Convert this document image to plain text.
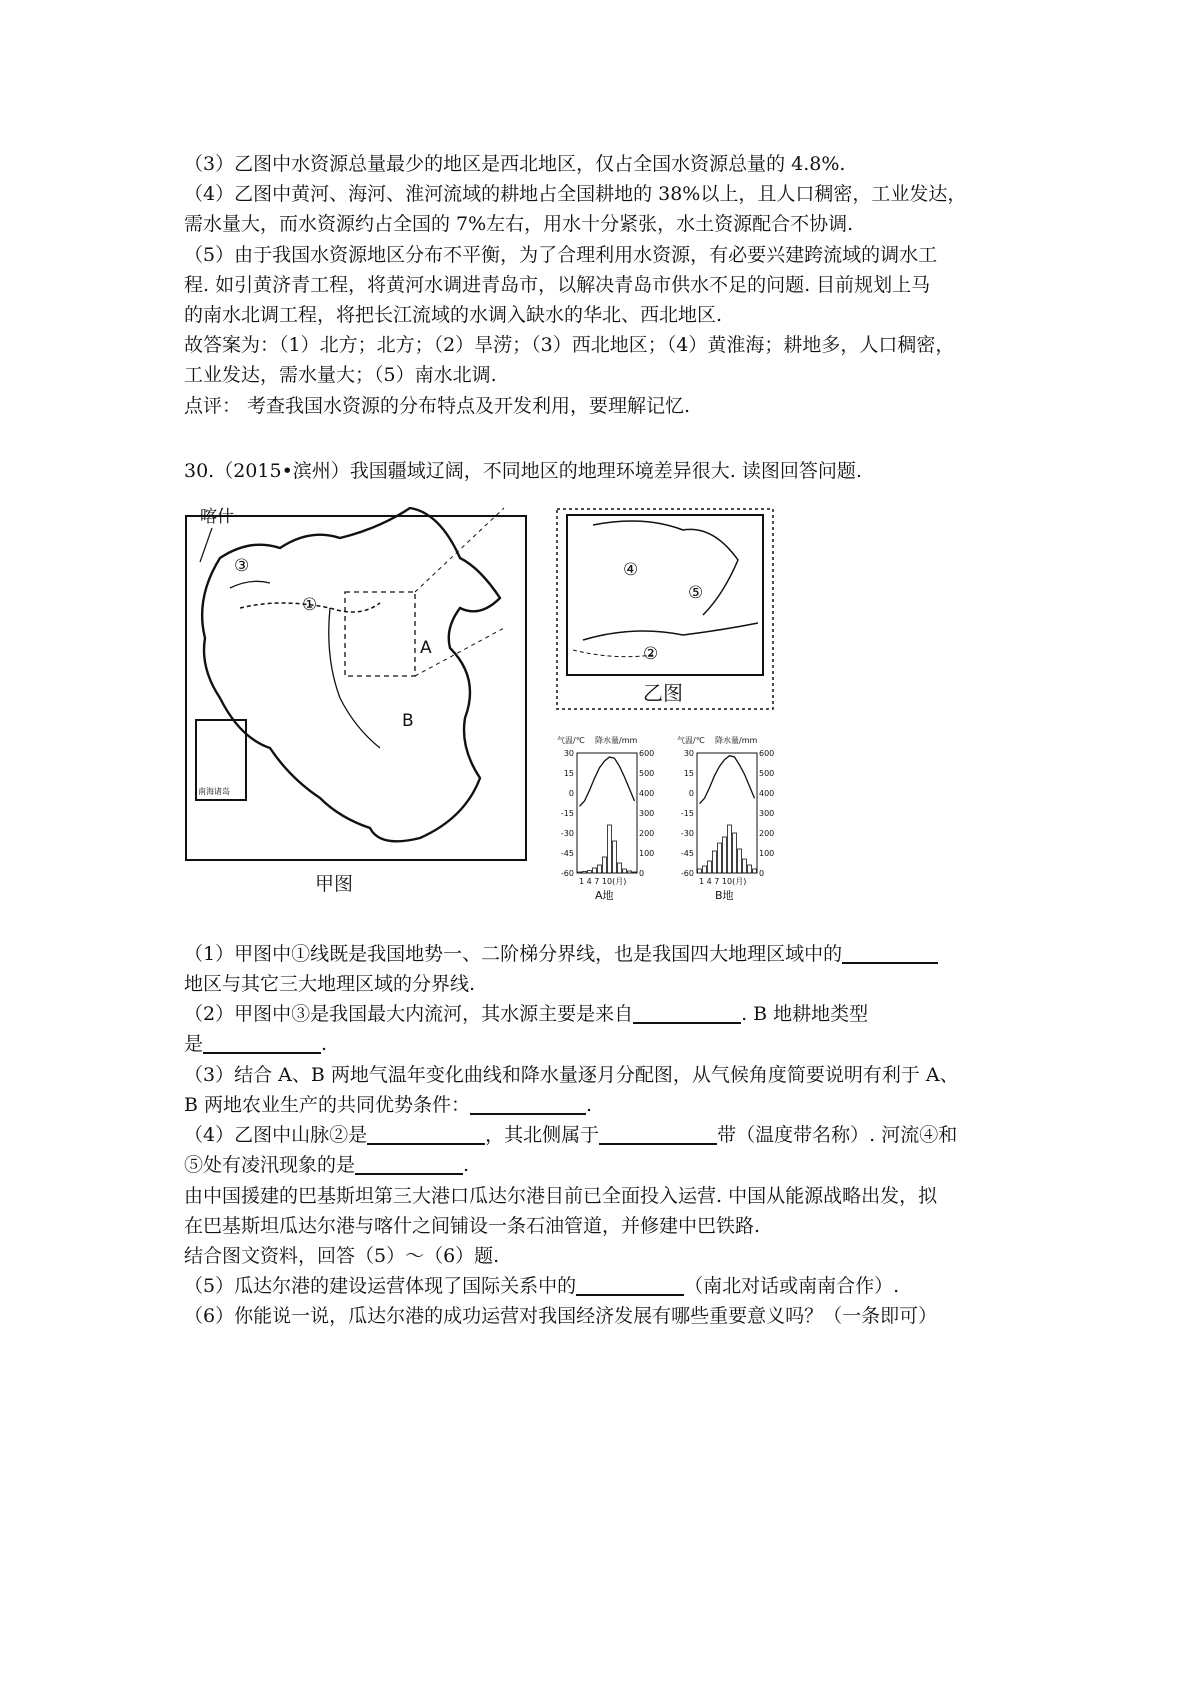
（3）乙图中水资源总量最少的地区是西北地区，仅占全国水资源总量的 4.8%.
（4）乙图中黄河、海河、淮河流域的耕地占全国耕地的 38%以上，且人口稠密，工业发达，
需水量大，而水资源约占全国的 7%左右，用水十分紧张，水土资源配合不协调.
（5）由于我国水资源地区分布不平衡，为了合理利用水资源，有必要兴建跨流域的调水工
程. 如引黄济青工程，将黄河水调进青岛市，以解决青岛市供水不足的问题. 目前规划上马
的南水北调工程，将把长江流域的水调入缺水的华北、西北地区.
故答案为：（1）北方；北方；（2）旱涝；（3）西北地区；（4）黄淮海；耕地多，人口稠密，
工业发达，需水量大；（5）南水北调.
点评： 考查我国水资源的分布特点及开发利用，要理解记忆.
30.（2015•滨州）我国疆域辽阔，不同地区的地理环境差异很大. 读图回答问题.
喀什
③
①
A
B
南海诸岛
甲图
④
⑤
②
乙图
气温/℃ 降水量/mm
30
15
0
-15
-30
-45
-60
600
500
400
300
200
100
0
1 4 7 10(月)
A地
气温/℃ 降水量/mm
30
15
0
-15
-30
-45
-60
600
500
400
300
200
100
0
1 4 7 10(月)
B地
（1）甲图中①线既是我国地势一、二阶梯分界线，也是我国四大地理区域中的
地区与其它三大地理区域的分界线.
（2）甲图中③是我国最大内流河，其水源主要是来自	. B 地耕地类型
是	.
（3）结合 A、B 两地气温年变化曲线和降水量逐月分配图，从气候角度简要说明有利于 A、
B 两地农业生产的共同优势条件：	.
（4）乙图中山脉②是	，其北侧属于	带（温度带名称）. 河流④和
⑤处有凌汛现象的是	.
由中国援建的巴基斯坦第三大港口瓜达尔港目前已全面投入运营. 中国从能源战略出发，拟
在巴基斯坦瓜达尔港与喀什之间铺设一条石油管道，并修建中巴铁路.
结合图文资料，回答（5）～（6）题.
（5）瓜达尔港的建设运营体现了国际关系中的	（南北对话或南南合作）.
（6）你能说一说，瓜达尔港的成功运营对我国经济发展有哪些重要意义吗？（一条即可）
